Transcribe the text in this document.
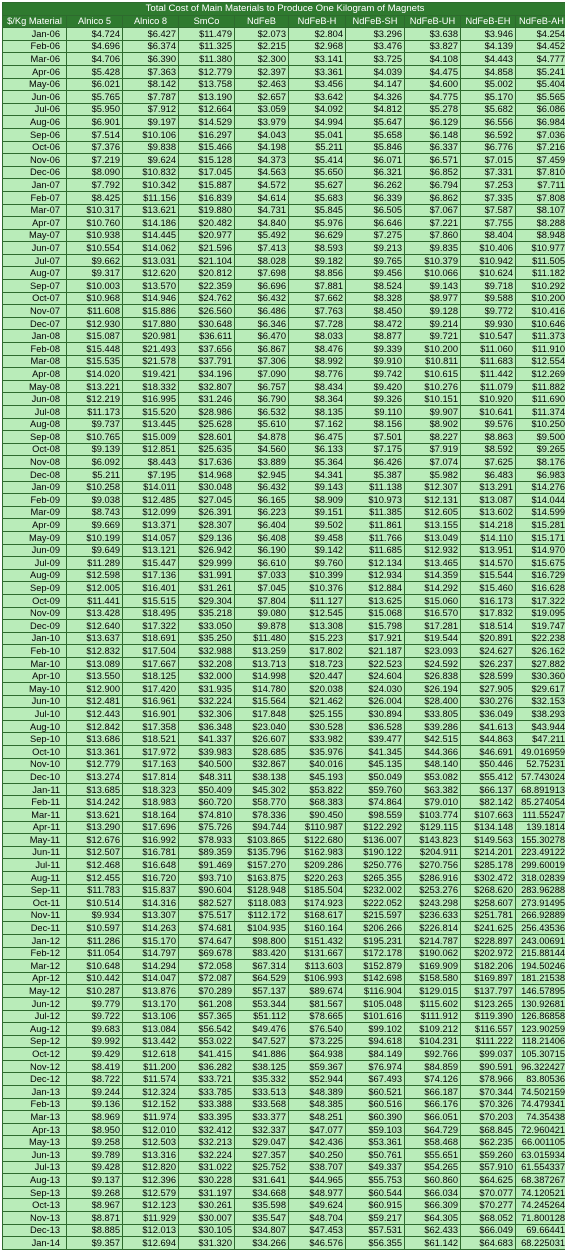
Total Cost of Main Materials to Produce One Kilogram of Magnets									
$/Kg Material	Alnico 5	Alnico 8	SmCo	NdFeB	NdFeB-H	NdFeB-SH	NdFeB-UH	NdFeB-EH	NdFeB-AH
Jan-06	$4.724	$6.427	$11.479	$2.073	$2.804	$3.296	$3.638	$3.946	$4.254
Feb-06	$4.696	$6.374	$11.325	$2.215	$2.968	$3.476	$3.827	$4.139	$4.452
Mar-06	$4.706	$6.390	$11.380	$2.300	$3.141	$3.725	$4.108	$4.443	$4.777
Apr-06	$5.428	$7.363	$12.779	$2.397	$3.361	$4.039	$4.475	$4.858	$5.241
May-06	$6.021	$8.142	$13.758	$2.463	$3.456	$4.147	$4.600	$5.002	$5.404
Jun-06	$5.765	$7.787	$13.190	$2.657	$3.642	$4.326	$4.775	$5.170	$5.565
Jul-06	$5.950	$7.912	$12.664	$3.059	$4.092	$4.812	$5.278	$5.682	$6.086
Aug-06	$6.901	$9.197	$14.529	$3.979	$4.994	$5.647	$6.129	$6.556	$6.984
Sep-06	$7.514	$10.106	$16.297	$4.043	$5.041	$5.658	$6.148	$6.592	$7.036
Oct-06	$7.376	$9.838	$15.466	$4.198	$5.211	$5.846	$6.337	$6.776	$7.216
Nov-06	$7.219	$9.624	$15.128	$4.373	$5.414	$6.071	$6.571	$7.015	$7.459
Dec-06	$8.090	$10.832	$17.045	$4.563	$5.650	$6.321	$6.852	$7.331	$7.810
Jan-07	$7.792	$10.342	$15.887	$4.572	$5.627	$6.262	$6.794	$7.253	$7.711
Feb-07	$8.425	$11.156	$16.839	$4.614	$5.683	$6.339	$6.862	$7.335	$7.808
Mar-07	$10.317	$13.621	$19.880	$4.731	$5.845	$6.505	$7.067	$7.587	$8.107
Apr-07	$10.760	$14.186	$20.482	$4.840	$5.976	$6.646	$7.221	$7.755	$8.288
May-07	$10.938	$14.445	$20.977	$5.492	$6.629	$7.275	$7.860	$8.404	$8.948
Jun-07	$10.554	$14.062	$21.596	$7.413	$8.593	$9.213	$9.835	$10.406	$10.977
Jul-07	$9.662	$13.031	$21.104	$8.028	$9.182	$9.765	$10.379	$10.942	$11.505
Aug-07	$9.317	$12.620	$20.812	$7.698	$8.856	$9.456	$10.066	$10.624	$11.182
Sep-07	$10.003	$13.570	$22.359	$6.696	$7.881	$8.524	$9.143	$9.718	$10.292
Oct-07	$10.968	$14.946	$24.762	$6.432	$7.662	$8.328	$8.977	$9.588	$10.200
Nov-07	$11.608	$15.886	$26.560	$6.486	$7.763	$8.450	$9.128	$9.772	$10.416
Dec-07	$12.930	$17.880	$30.648	$6.346	$7.728	$8.472	$9.214	$9.930	$10.646
Jan-08	$15.087	$20.981	$36.611	$6.470	$8.033	$8.877	$9.721	$10.547	$11.373
Feb-08	$15.448	$21.493	$37.656	$6.867	$8.476	$9.339	$10.200	$11.060	$11.910
Mar-08	$15.535	$21.578	$37.791	$7.306	$8.992	$9.910	$10.811	$11.683	$12.554
Apr-08	$14.020	$19.421	$34.196	$7.090	$8.776	$9.742	$10.615	$11.442	$12.269
May-08	$13.221	$18.332	$32.807	$6.757	$8.434	$9.420	$10.276	$11.079	$11.882
Jun-08	$12.219	$16.995	$31.246	$6.790	$8.364	$9.326	$10.151	$10.920	$11.690
Jul-08	$11.173	$15.520	$28.986	$6.532	$8.135	$9.110	$9.907	$10.641	$11.374
Aug-08	$9.737	$13.445	$25.628	$5.610	$7.162	$8.156	$8.902	$9.576	$10.250
Sep-08	$10.765	$15.009	$28.601	$4.878	$6.475	$7.501	$8.227	$8.863	$9.500
Oct-08	$9.139	$12.851	$25.635	$4.560	$6.133	$7.175	$7.919	$8.592	$9.265
Nov-08	$6.092	$8.443	$17.636	$3.889	$5.364	$6.426	$7.074	$7.625	$8.176
Dec-08	$5.211	$7.195	$14.968	$2.945	$4.341	$5.387	$5.982	$6.483	$6.983
Jan-09	$10.258	$14.011	$30.048	$6.432	$9.143	$11.138	$12.307	$13.291	$14.276
Feb-09	$9.038	$12.485	$27.045	$6.165	$8.909	$10.973	$12.131	$13.087	$14.044
Mar-09	$8.743	$12.099	$26.391	$6.223	$9.151	$11.385	$12.605	$13.602	$14.599
Apr-09	$9.669	$13.371	$28.307	$6.404	$9.502	$11.861	$13.155	$14.218	$15.281
May-09	$10.199	$14.057	$29.136	$6.408	$9.458	$11.766	$13.049	$14.110	$15.171
Jun-09	$9.649	$13.121	$26.942	$6.190	$9.142	$11.685	$12.932	$13.951	$14.970
Jul-09	$11.289	$15.447	$29.999	$6.610	$9.760	$12.134	$13.465	$14.570	$15.675
Aug-09	$12.598	$17.136	$31.991	$7.033	$10.399	$12.934	$14.359	$15.544	$16.729
Sep-09	$12.005	$16.401	$31.261	$7.045	$10.376	$12.884	$14.292	$15.460	$16.628
Oct-09	$11.441	$15.515	$29.304	$7.804	$11.127	$13.625	$15.060	$16.173	$17.322
Nov-09	$13.428	$18.495	$35.218	$9.080	$12.545	$15.068	$16.570	$17.832	$19.095
Dec-09	$12.640	$17.322	$33.050	$9.878	$13.308	$15.798	$17.281	$18.514	$19.747
Jan-10	$13.637	$18.691	$35.250	$11.480	$15.223	$17.921	$19.544	$20.891	$22.238
Feb-10	$12.832	$17.504	$32.988	$13.259	$17.802	$21.187	$23.093	$24.627	$26.162
Mar-10	$13.089	$17.667	$32.208	$13.713	$18.723	$22.523	$24.592	$26.237	$27.882
Apr-10	$13.550	$18.125	$32.000	$14.998	$20.447	$24.604	$26.838	$28.599	$30.360
May-10	$12.900	$17.420	$31.935	$14.780	$20.038	$24.030	$26.194	$27.905	$29.617
Jun-10	$12.481	$16.961	$32.224	$15.564	$21.462	$26.004	$28.400	$30.276	$32.153
Jul-10	$12.443	$16.901	$32.306	$17.848	$25.155	$30.894	$33.805	$36.049	$38.293
Aug-10	$12.842	$17.358	$36.348	$23.040	$30.528	$36.528	$39.286	$41.613	$43.944
Sep-10	$13.686	$18.521	$41.337	$26.607	$33.982	$39.477	$42.515	$44.863	$47.211
Oct-10	$13.361	$17.972	$39.983	$28.685	$35.976	$41.345	$44.366	$46.691	49.016959
Nov-10	$12.779	$17.163	$40.500	$32.867	$40.016	$45.135	$48.140	$50.446	52.75231
Dec-10	$13.274	$17.814	$48.311	$38.138	$45.193	$50.049	$53.082	$55.412	57.743024
Jan-11	$13.685	$18.323	$50.409	$45.302	$53.822	$59.760	$63.382	$66.137	68.891913
Feb-11	$14.242	$18.983	$60.720	$58.770	$68.383	$74.864	$79.010	$82.142	85.274054
Mar-11	$13.621	$18.164	$74.810	$78.336	$90.450	$98.559	$103.774	$107.663	111.55247
Apr-11	$13.290	$17.696	$75.726	$94.744	$110.987	$122.292	$129.115	$134.148	139.1814
May-11	$12.676	$16.992	$78.933	$103.865	$122.680	$136.007	$143.823	$149.563	155.30278
Jun-11	$12.507	$16.781	$89.359	$135.796	$162.983	$190.122	$204.911	$214.201	223.49122
Jul-11	$12.468	$16.648	$91.469	$157.270	$209.286	$250.776	$270.756	$285.178	299.60019
Aug-11	$12.455	$16.720	$93.710	$163.875	$220.263	$265.355	$286.916	$302.472	318.02839
Sep-11	$11.783	$15.837	$90.604	$128.948	$185.504	$232.002	$253.276	$268.620	283.96288
Oct-11	$10.514	$14.316	$82.527	$118.083	$174.923	$222.052	$243.298	$258.607	273.91495
Nov-11	$9.934	$13.307	$75.517	$112.172	$168.617	$215.597	$236.633	$251.781	266.92889
Dec-11	$10.597	$14.263	$74.681	$104.935	$160.164	$206.266	$226.814	$241.625	256.43536
Jan-12	$11.286	$15.170	$74.647	$98.800	$151.432	$195.231	$214.787	$228.897	243.00691
Feb-12	$11.054	$14.797	$69.678	$83.420	$131.667	$172.178	$190.062	$202.972	215.88144
Mar-12	$10.648	$14.294	$72.058	$67.314	$113.603	$152.879	$169.909	$182.206	194.50246
Apr-12	$10.442	$14.047	$72.087	$64.529	$106.993	$142.698	$158.580	$169.897	181.21538
May-12	$10.287	$13.876	$70.289	$57.137	$89.674	$116.904	$129.015	$137.797	146.57895
Jun-12	$9.779	$13.170	$61.208	$53.344	$81.567	$105.048	$115.602	$123.265	130.92681
Jul-12	$9.722	$13.106	$57.365	$51.112	$78.665	$101.616	$111.912	$119.390	126.86858
Aug-12	$9.683	$13.084	$56.542	$49.476	$76.540	$99.102	$109.212	$116.557	123.90259
Sep-12	$9.992	$13.442	$53.022	$47.527	$73.225	$94.618	$104.231	$111.222	118.21406
Oct-12	$9.429	$12.618	$41.415	$41.886	$64.938	$84.149	$92.766	$99.037	105.30715
Nov-12	$8.419	$11.200	$36.282	$38.125	$59.367	$76.974	$84.859	$90.591	96.322427
Dec-12	$8.722	$11.574	$33.721	$35.332	$52.944	$67.493	$74.126	$78.966	83.80536
Jan-13	$9.244	$12.324	$33.785	$33.513	$48.389	$60.521	$66.187	$70.344	74.502159
Feb-13	$9.136	$12.152	$33.388	$33.568	$48.385	$60.516	$66.176	$70.326	74.479341
Mar-13	$8.969	$11.974	$33.395	$33.377	$48.251	$60.390	$66.051	$70.203	74.35438
Apr-13	$8.950	$12.010	$32.412	$32.337	$47.077	$59.103	$64.729	$68.845	72.960421
May-13	$9.258	$12.503	$32.213	$29.047	$42.436	$53.361	$58.468	$62.235	66.001105
Jun-13	$9.789	$13.316	$32.224	$27.357	$40.250	$50.761	$55.651	$59.260	63.015934
Jul-13	$9.428	$12.820	$31.022	$25.752	$38.707	$49.337	$54.265	$57.910	61.554337
Aug-13	$9.137	$12.396	$30.228	$31.641	$44.965	$55.753	$60.860	$64.625	68.387267
Sep-13	$9.268	$12.579	$31.197	$34.668	$48.977	$60.544	$66.034	$70.077	74.120521
Oct-13	$8.967	$12.123	$30.261	$35.598	$49.624	$60.915	$66.309	$70.277	74.245264
Nov-13	$8.871	$11.929	$30.007	$35.547	$48.704	$59.217	$64.305	$68.052	71.800128
Dec-13	$8.885	$12.013	$30.105	$34.807	$47.453	$57.531	$62.433	$66.049	69.66441
Jan-14	$9.357	$12.694	$31.320	$34.266	$46.576	$56.355	$61.142	$64.683	68.225031
